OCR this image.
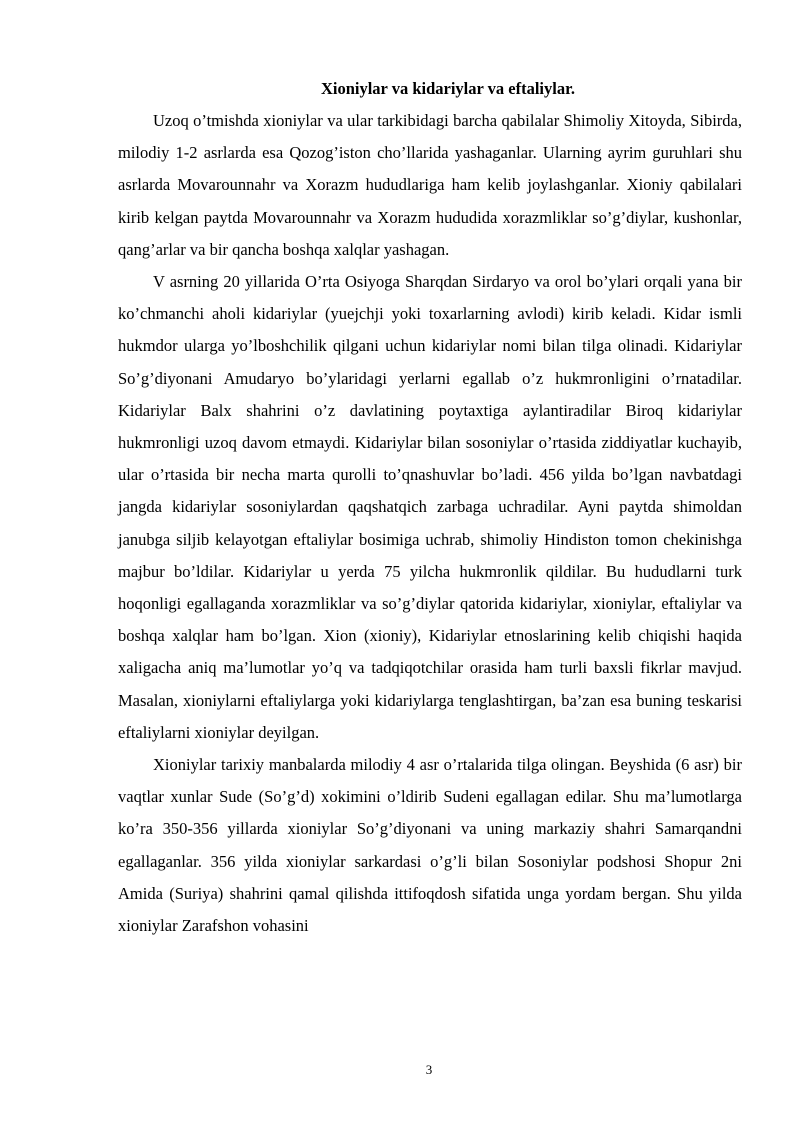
Xioniylar va kidariylar va eftaliylar.

Uzoq o’tmishda xioniylar va ular tarkibidagi barcha qabilalar Shimoliy Xitoyda, Sibirda, milodiy 1-2 asrlarda esa Qozog’iston cho’llarida yashaganlar. Ularning ayrim guruhlari shu asrlarda Movarounnahr va Xorazm hududlariga ham kelib joylashganlar. Xioniy qabilalari kirib kelgan paytda Movarounnahr va Xorazm hududida xorazmliklar so’g’diylar, kushonlar, qang’arlar va bir qancha boshqa xalqlar yashagan.

V asrning 20 yillarida O’rta Osiyoga Sharqdan Sirdaryo va orol bo’ylari orqali yana bir ko’chmanchi aholi kidariylar (yuejchji yoki toxarlarning avlodi) kirib keladi. Kidar ismli hukmdor ularga yo’lboshchilik qilgani uchun kidariylar nomi bilan tilga olinadi. Kidariylar So’g’diyonani Amudaryo bo’ylaridagi yerlarni egallab o’z hukmronligini o’rnatadilar. Kidariylar Balx shahrini o’z davlatining poytaxtiga aylantiradilar Biroq kidariylar hukmronligi uzoq davom etmaydi. Kidariylar bilan sosoniylar o’rtasida ziddiyatlar kuchayib, ular o’rtasida bir necha marta qurolli to’qnashuvlar bo’ladi. 456 yilda bo’lgan navbatdagi jangda kidariylar sosoniylardan qaqshatqich zarbaga uchradilar. Ayni paytda shimoldan janubga siljib kelayotgan eftaliylar bosimiga uchrab, shimoliy Hindiston tomon chekinishga majbur bo’ldilar. Kidariylar u yerda 75 yilcha hukmronlik qildilar. Bu hududlarni turk hoqonligi egallaganda xorazmliklar va so’g’diylar qatorida kidariylar, xioniylar, eftaliylar va boshqa xalqlar ham bo’lgan. Xion (xioniy), Kidariylar etnoslarining kelib chiqishi haqida xaligacha aniq ma’lumotlar yo’q va tadqiqotchilar orasida ham turli baxsli fikrlar mavjud. Masalan, xioniylarni eftaliylarga yoki kidariylarga tenglashtirgan, ba’zan esa buning teskarisi eftaliylarni xioniylar deyilgan.

Xioniylar tarixiy manbalarda milodiy 4 asr o’rtalarida tilga olingan. Beyshida (6 asr) bir vaqtlar xunlar Sude (So’g’d) xokimini o’ldirib Sudeni egallagan edilar. Shu ma’lumotlarga ko’ra 350-356 yillarda xioniylar So’g’diyonani va uning markaziy shahri Samarqandni egallaganlar. 356 yilda xioniylar sarkardasi o’g’li bilan Sosoniylar podshosi Shopur 2ni Amida (Suriya) shahrini qamal qilishda ittifoqdosh sifatida unga yordam bergan. Shu yilda xioniylar Zarafshon vohasini

3
